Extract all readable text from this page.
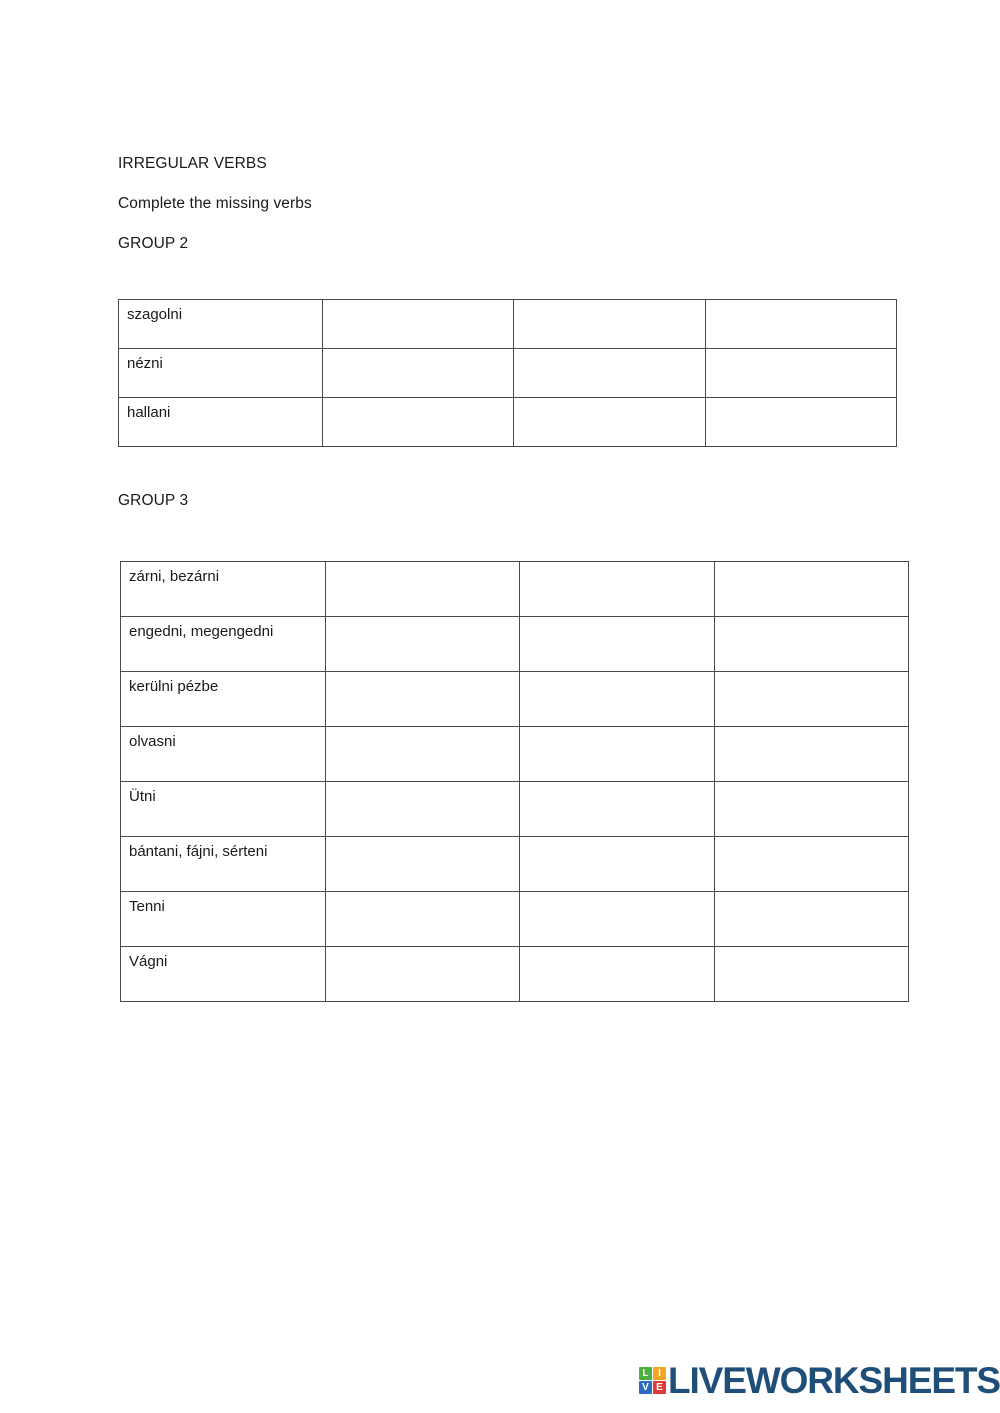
IRREGULAR VERBS

Complete the missing verbs

GROUP 2

szagolni			
nézni			
hallani			
GROUP 3
zárni, bezárni			
engedni, megengedni			
kerülni pézbe			
olvasni			
Ütni			
bántani, fájni, sérteni			
Tenni			
Vágni			
L I
V E LIVEWORKSHEETS
